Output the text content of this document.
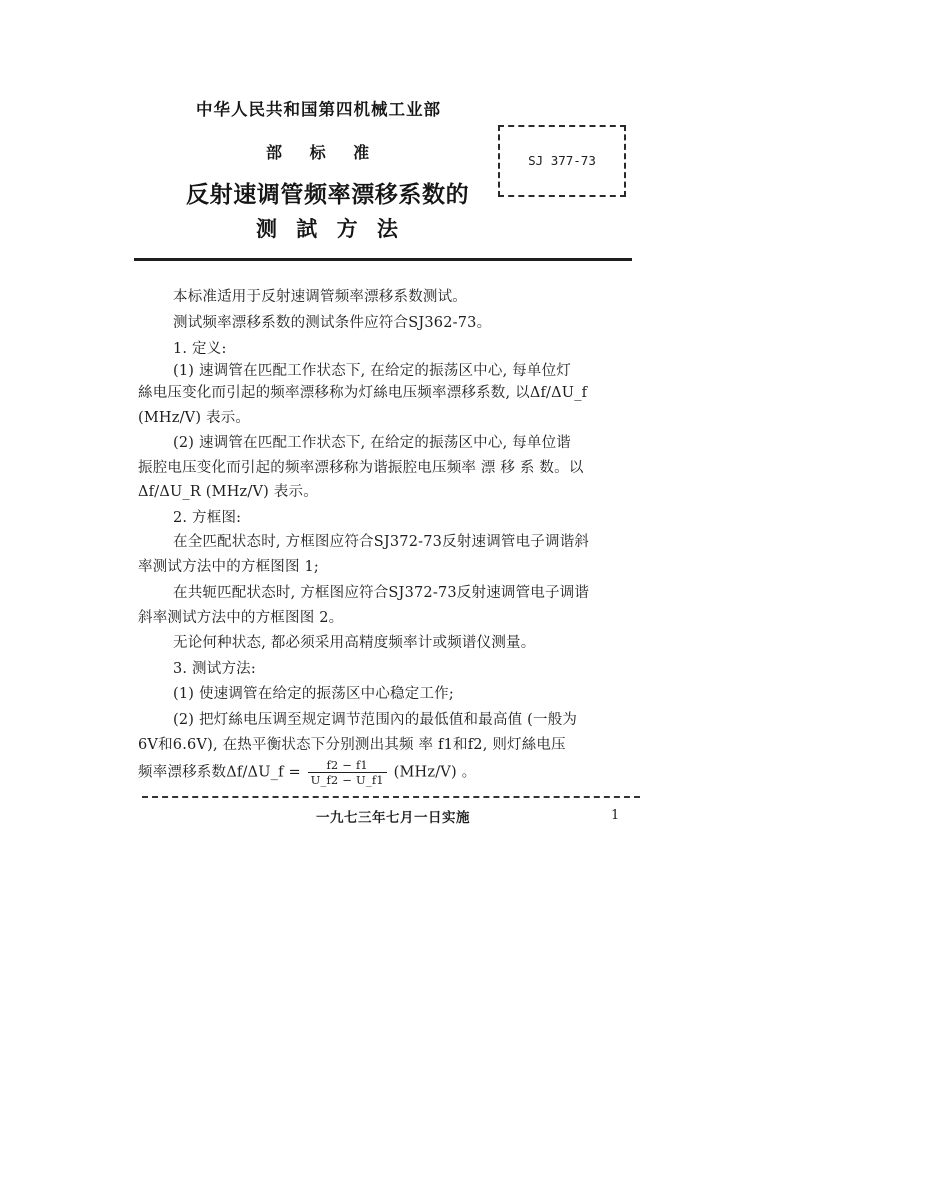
中华人民共和国第四机械工业部
部 标 准
反射速调管频率漂移系数的
测 試 方 法
SJ 377-73
本标准适用于反射速调管频率漂移系数测试。
测试频率漂移系数的测试条件应符合SJ362-73。
1. 定义:
(1) 速调管在匹配工作状态下, 在给定的振荡区中心, 每单位灯
絲电压变化而引起的频率漂移称为灯絲电压频率漂移系数, 以Δf/ΔU_f
(MHz/V) 表示。
(2) 速调管在匹配工作状态下, 在给定的振荡区中心, 每单位谐
振腔电压变化而引起的频率漂移称为谐振腔电压频率 漂 移 系 数。以
Δf/ΔU_R (MHz/V) 表示。
2. 方框图:
在全匹配状态时, 方框图应符合SJ372-73反射速调管电子调谐斜
率测试方法中的方框图图 1;
在共轭匹配状态时, 方框图应符合SJ372-73反射速调管电子调谐
斜率测试方法中的方框图图 2。
无论何种状态, 都必须采用高精度频率计或频谱仪测量。
3. 测试方法:
(1) 使速调管在给定的振荡区中心稳定工作;
(2) 把灯絲电压调至规定调节范围內的最低值和最高值 (一般为
6V和6.6V), 在热平衡状态下分别测出其频 率 f1和f2, 则灯絲电压
频率漂移系数Δf/ΔU_f = $\frac{f2 - f1}{U\_f2 - U\_f1} (MHz/V)$ 。
一九七三年七月一日实施	1
